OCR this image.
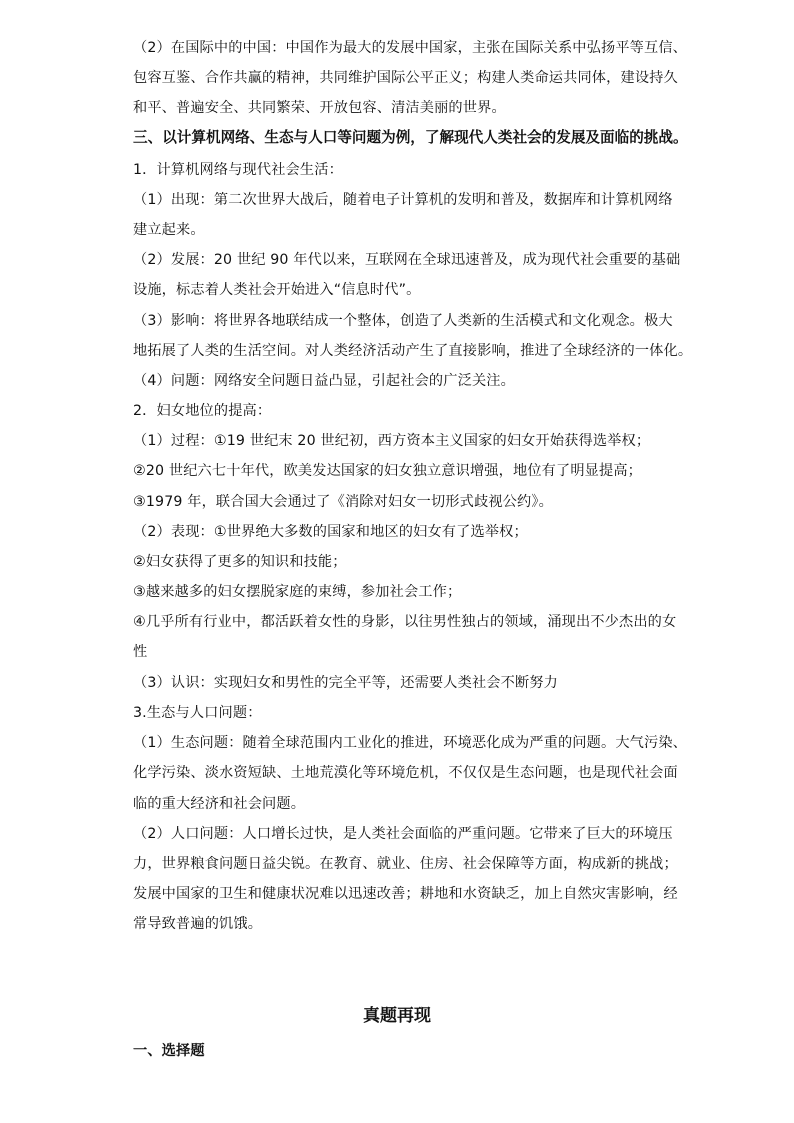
（2）在国际中的中国：中国作为最大的发展中国家，主张在国际关系中弘扬平等互信、
包容互鉴、合作共赢的精神，共同维护国际公平正义；构建人类命运共同体，建设持久
和平、普遍安全、共同繁荣、开放包容、清洁美丽的世界。
三、以计算机网络、生态与人口等问题为例，了解现代人类社会的发展及面临的挑战。
1．计算机网络与现代社会生活：
（1）出现：第二次世界大战后，随着电子计算机的发明和普及，数据库和计算机网络
建立起来。
（2）发展：20 世纪 90 年代以来，互联网在全球迅速普及，成为现代社会重要的基础
设施，标志着人类社会开始进入“信息时代”。
（3）影响：将世界各地联结成一个整体，创造了人类新的生活模式和文化观念。极大
地拓展了人类的生活空间。对人类经济活动产生了直接影响，推进了全球经济的一体化。
（4）问题：网络安全问题日益凸显，引起社会的广泛关注。
2．妇女地位的提高：
（1）过程：①19 世纪末 20 世纪初，西方资本主义国家的妇女开始获得选举权；
②20 世纪六七十年代，欧美发达国家的妇女独立意识增强，地位有了明显提高；
③1979 年，联合国大会通过了《消除对妇女一切形式歧视公约》。
（2）表现：①世界绝大多数的国家和地区的妇女有了选举权；
②妇女获得了更多的知识和技能；
③越来越多的妇女摆脱家庭的束缚，参加社会工作；
④几乎所有行业中，都活跃着女性的身影，以往男性独占的领域，涌现出不少杰出的女
性
（3）认识：实现妇女和男性的完全平等，还需要人类社会不断努力
3.生态与人口问题：
（1）生态问题：随着全球范围内工业化的推进，环境恶化成为严重的问题。大气污染、
化学污染、淡水资短缺、土地荒漠化等环境危机，不仅仅是生态问题，也是现代社会面
临的重大经济和社会问题。
（2）人口问题：人口增长过快，是人类社会面临的严重问题。它带来了巨大的环境压
力，世界粮食问题日益尖锐。在教育、就业、住房、社会保障等方面，构成新的挑战；
发展中国家的卫生和健康状况难以迅速改善；耕地和水资缺乏，加上自然灾害影响，经
常导致普遍的饥饿。
真题再现
一、选择题
